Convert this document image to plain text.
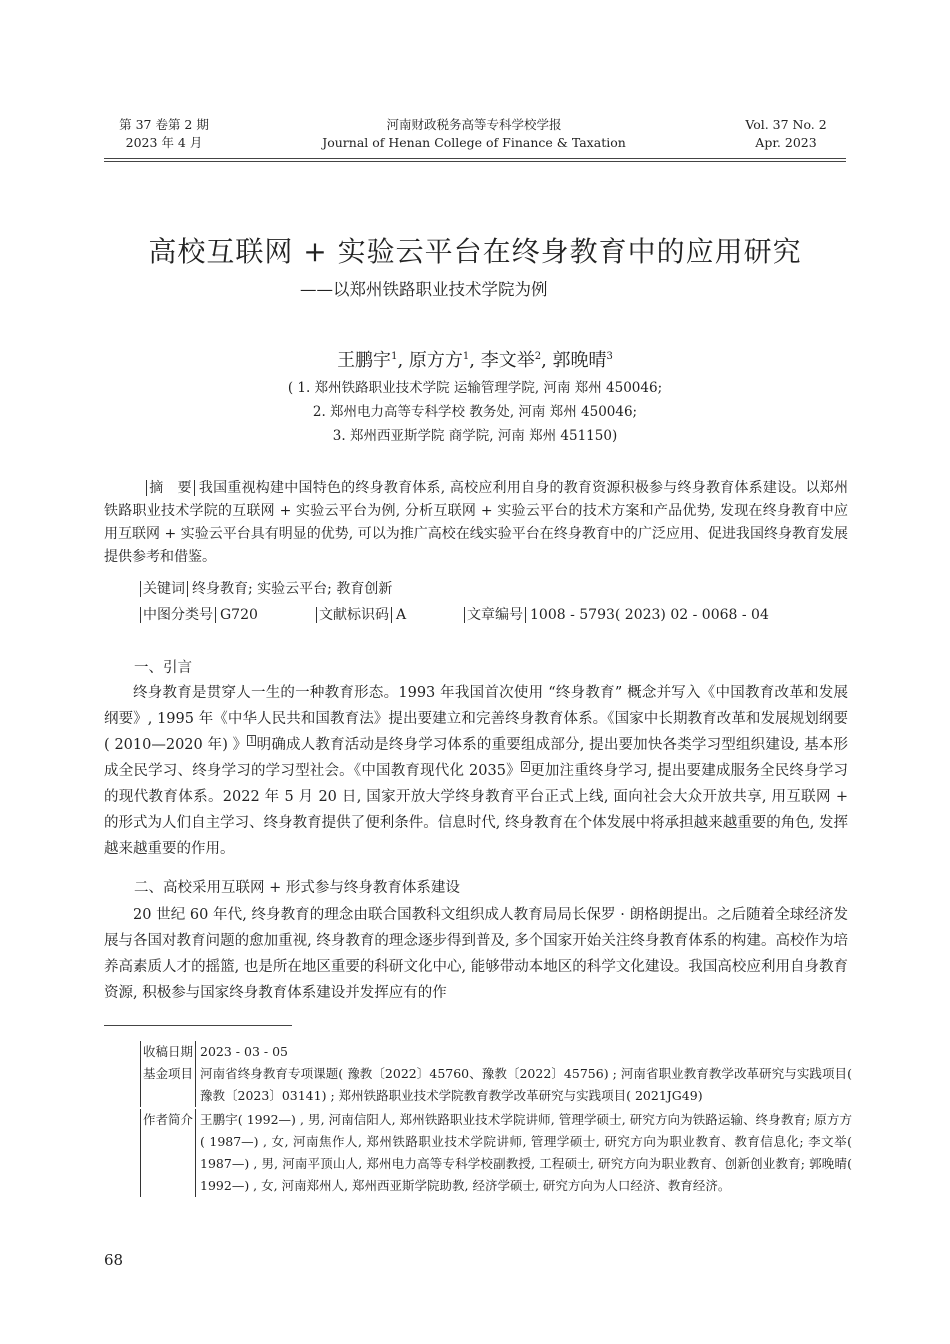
第 37 卷第 2 期
2023 年 4 月
河南财政税务高等专科学校学报
Journal of Henan College of Finance & Taxation
Vol. 37 No. 2
Apr. 2023
高校互联网 + 实验云平台在终身教育中的应用研究
——以郑州铁路职业技术学院为例
王鹏宇$^1$, 原方方$^1$, 李文举$^2$, 郭晚晴$^3$
( 1. 郑州铁路职业技术学院 运输管理学院, 河南 郑州 450046;
2. 郑州电力高等专科学校 教务处, 河南 郑州 450046;
3. 郑州西亚斯学院 商学院, 河南 郑州 451150)
摘　要 我国重视构建中国特色的终身教育体系, 高校应利用自身的教育资源积极参与终身教育体系建设。以郑州铁路职业技术学院的互联网 + 实验云平台为例, 分析互联网 + 实验云平台的技术方案和产品优势, 发现在终身教育中应用互联网 + 实验云平台具有明显的优势, 可以为推广高校在线实验平台在终身教育中的广泛应用、促进我国终身教育发展提供参考和借鉴。
关键词 终身教育; 实验云平台; 教育创新
中图分类号 G720	文献标识码 A	文章编号 1008 - 5793( 2023) 02 - 0068 - 04
一、引言

终身教育是贯穿人一生的一种教育形态。1993 年我国首次使用 “终身教育” 概念并写入《中国教育改革和发展纲要》, 1995 年《中华人民共和国教育法》提出要建立和完善终身教育体系。《国家中长期教育改革和发展规划纲要( 2010—2020 年) 》 $^1$ 明确成人教育活动是终身学习体系的重要组成部分, 提出要加快各类学习型组织建设, 基本形成全民学习、终身学习的学习型社会。《中国教育现代化 2035》 $^2$ 更加注重终身学习, 提出要建成服务全民终身学习的现代教育体系。2022 年 5 月 20 日, 国家开放大学终身教育平台正式上线, 面向社会大众开放共享, 用互联网 + 的形式为人们自主学习、终身教育提供了便利条件。信息时代, 终身教育在个体发展中将承担越来越重要的角色, 发挥越来越重要的作用。

二、高校采用互联网 + 形式参与终身教育体系建设

20 世纪 60 年代, 终身教育的理念由联合国教科文组织成人教育局局长保罗 · 朗格朗提出。之后随着全球经济发展与各国对教育问题的愈加重视, 终身教育的理念逐步得到普及, 多个国家开始关注终身教育体系的构建。高校作为培养高素质人才的摇篮, 也是所在地区重要的科研文化中心, 能够带动本地区的科学文化建设。我国高校应利用自身教育资源, 积极参与国家终身教育体系建设并发挥应有的作

收稿日期 2023 - 03 - 05
基金项目 河南省终身教育专项课题( 豫教〔2022〕45760、豫教〔2022〕45756) ; 河南省职业教育教学改革研究与实践项目( 豫教〔2023〕03141) ; 郑州铁路职业技术学院教育教学改革研究与实践项目( 2021JG49)
作者简介 王鹏宇( 1992—) , 男, 河南信阳人, 郑州铁路职业技术学院讲师, 管理学硕士, 研究方向为铁路运输、终身教育; 原方方( 1987—) , 女, 河南焦作人, 郑州铁路职业技术学院讲师, 管理学硕士, 研究方向为职业教育、教育信息化; 李文举( 1987—) , 男, 河南平顶山人, 郑州电力高等专科学校副教授, 工程硕士, 研究方向为职业教育、创新创业教育; 郭晚晴( 1992—) , 女, 河南郑州人, 郑州西亚斯学院助教, 经济学硕士, 研究方向为人口经济、教育经济。
68
